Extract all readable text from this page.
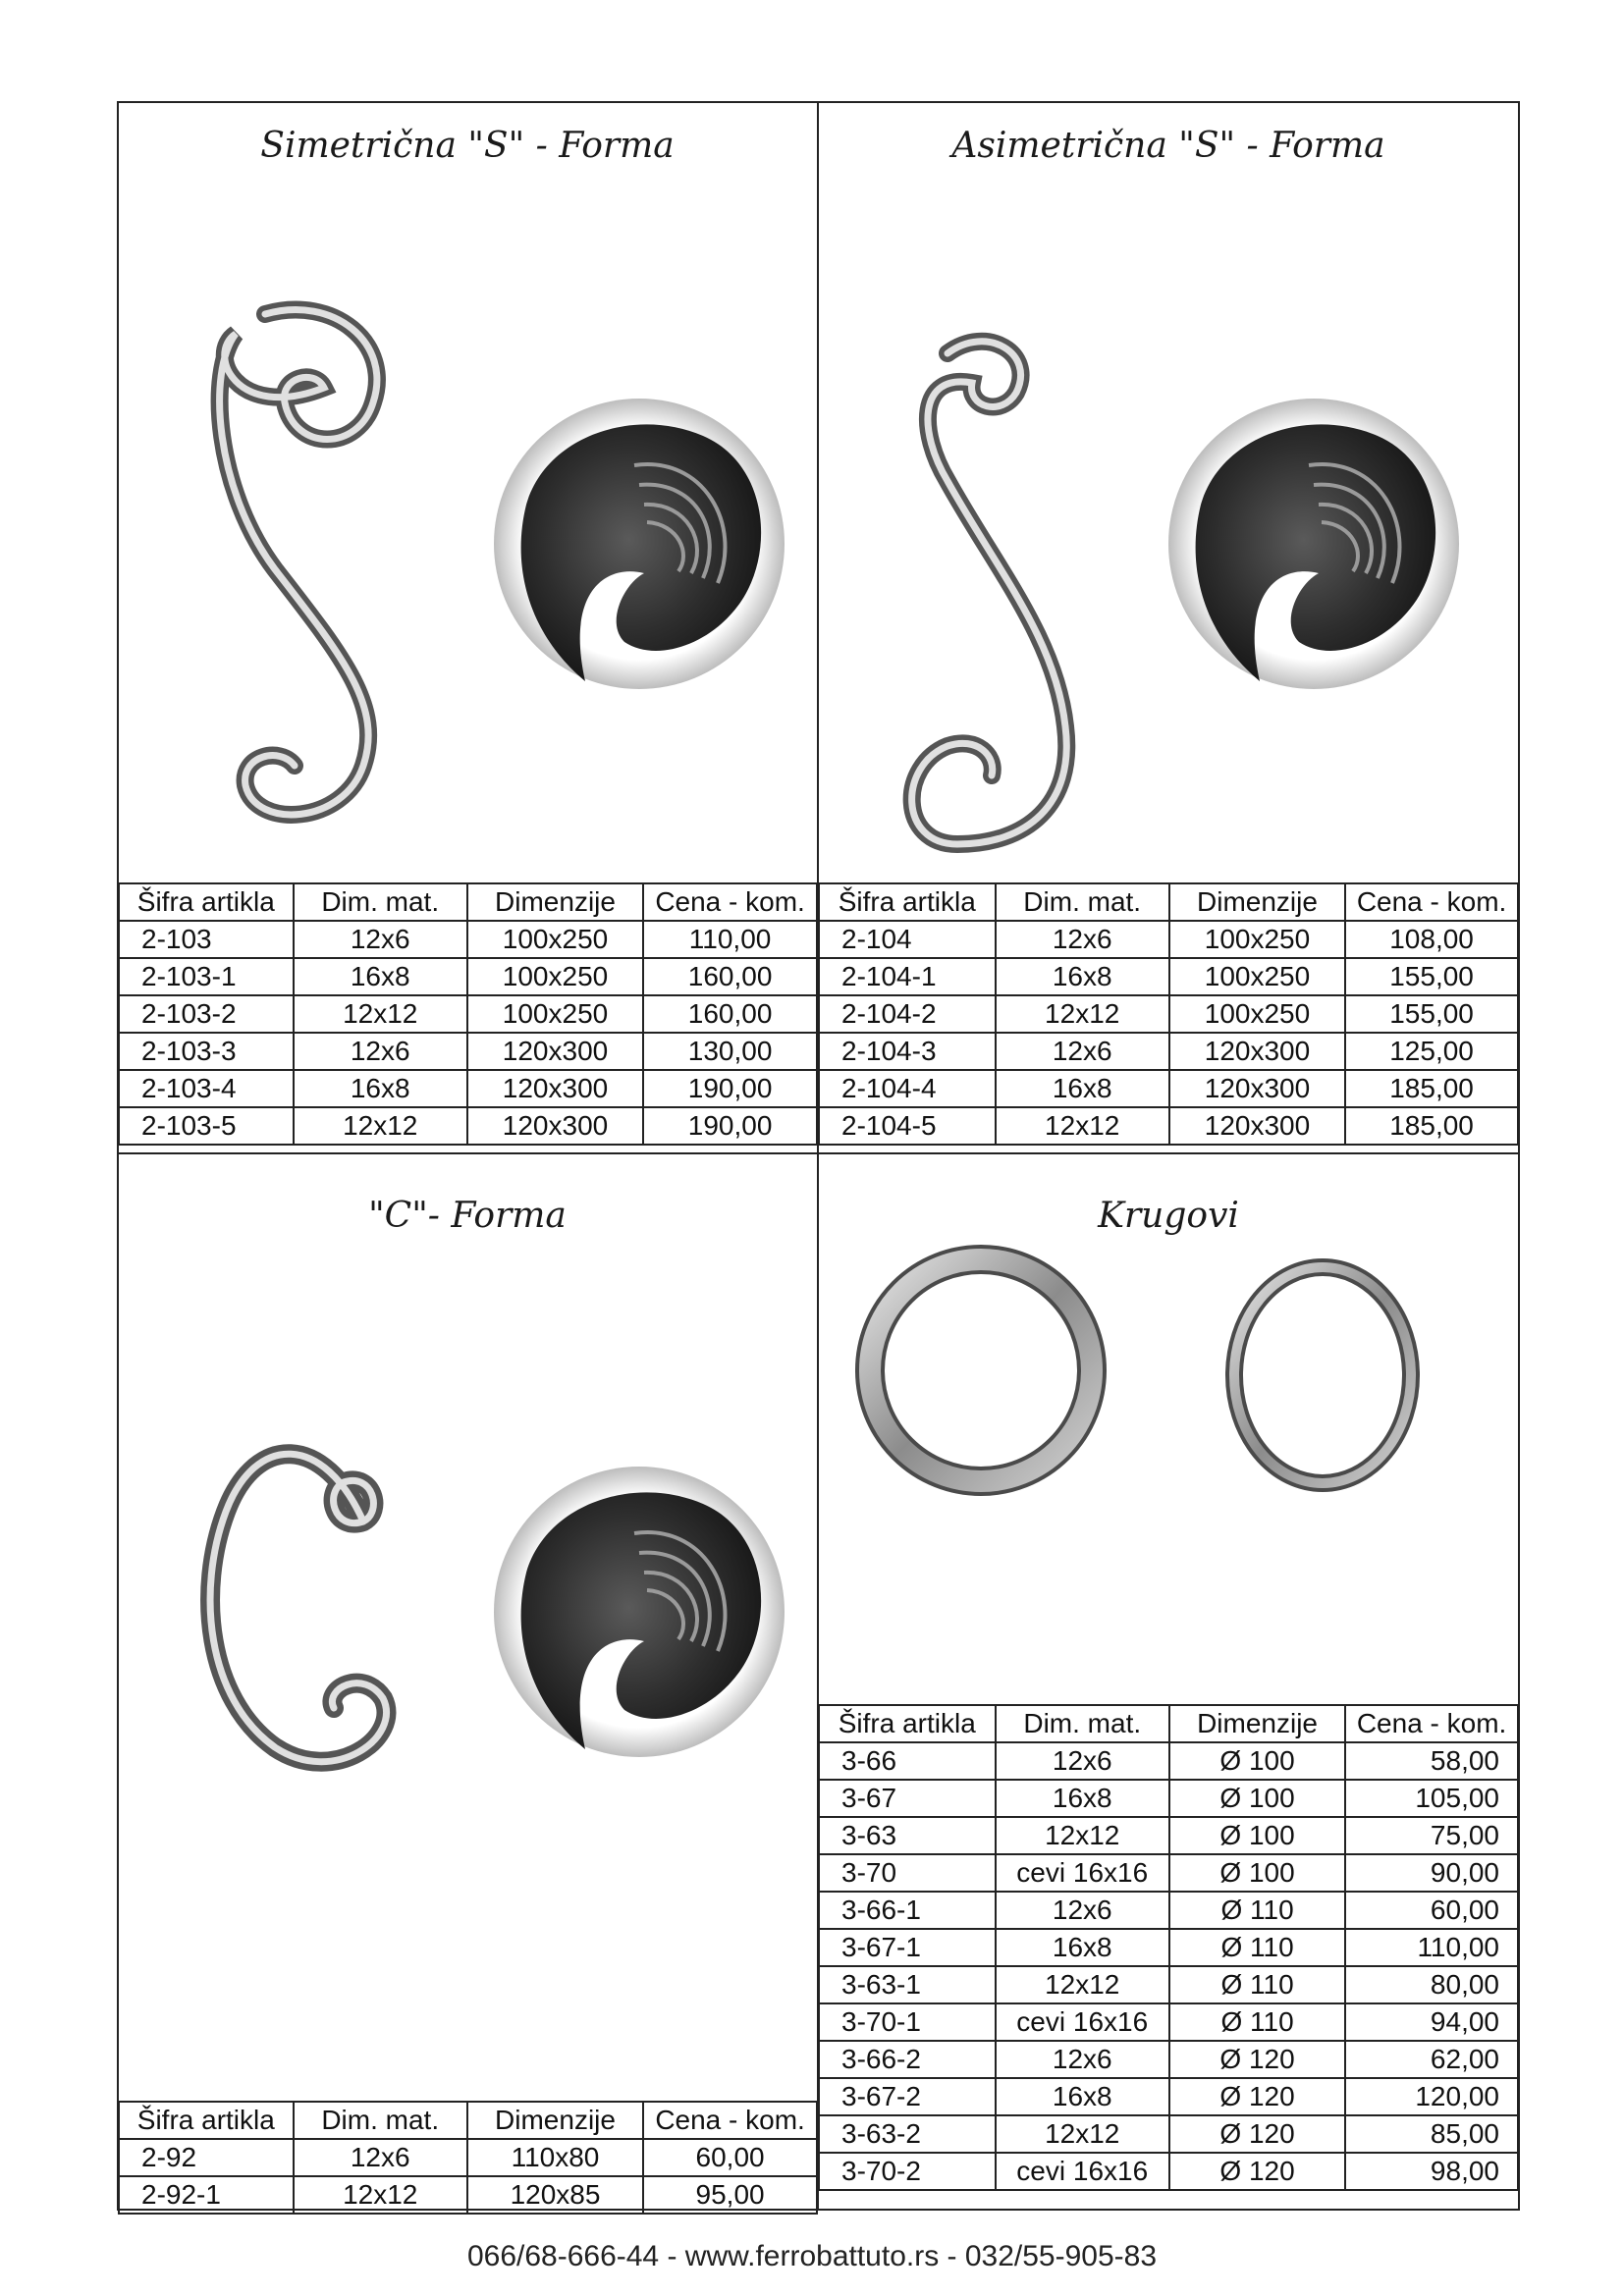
Simetrična "S" - Forma	Asimetrična "S" - Forma
"C"- Forma	Krugovi
Šifra artikla	Dim. mat.	Dimenzije	Cena - kom.
2-103	12x6	100x250	110,00
2-103-1	16x8	100x250	160,00
2-103-2	12x12	100x250	160,00
2-103-3	12x6	120x300	130,00
2-103-4	16x8	120x300	190,00
2-103-5	12x12	120x300	190,00
Šifra artikla	Dim. mat.	Dimenzije	Cena - kom.
2-104	12x6	100x250	108,00
2-104-1	16x8	100x250	155,00
2-104-2	12x12	100x250	155,00
2-104-3	12x6	120x300	125,00
2-104-4	16x8	120x300	185,00
2-104-5	12x12	120x300	185,00
Šifra artikla	Dim. mat.	Dimenzije	Cena - kom.
2-92	12x6	110x80	60,00
2-92-1	12x12	120x85	95,00
Šifra artikla	Dim. mat.	Dimenzije	Cena - kom.
3-66	12x6	Ø 100	58,00
3-67	16x8	Ø 100	105,00
3-63	12x12	Ø 100	75,00
3-70	cevi 16x16	Ø 100	90,00
3-66-1	12x6	Ø 110	60,00
3-67-1	16x8	Ø 110	110,00
3-63-1	12x12	Ø 110	80,00
3-70-1	cevi 16x16	Ø 110	94,00
3-66-2	12x6	Ø 120	62,00
3-67-2	16x8	Ø 120	120,00
3-63-2	12x12	Ø 120	85,00
3-70-2	cevi 16x16	Ø 120	98,00
066/68-666-44 - www.ferrobattuto.rs - 032/55-905-83
